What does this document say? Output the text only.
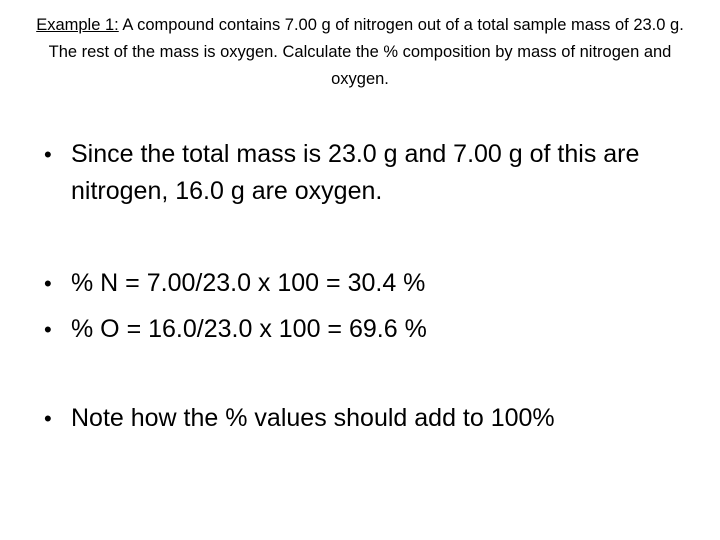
Example 1: A compound contains 7.00 g of nitrogen out of a total sample mass of 23.0 g. The rest of the mass is oxygen. Calculate the % composition by mass of nitrogen and oxygen.
• Since the total mass is 23.0 g and 7.00 g of this are nitrogen, 16.0 g are oxygen.
• % N = 7.00/23.0 x 100 = 30.4 %
• % O = 16.0/23.0 x 100 = 69.6 %
• Note how the % values should add to 100%
